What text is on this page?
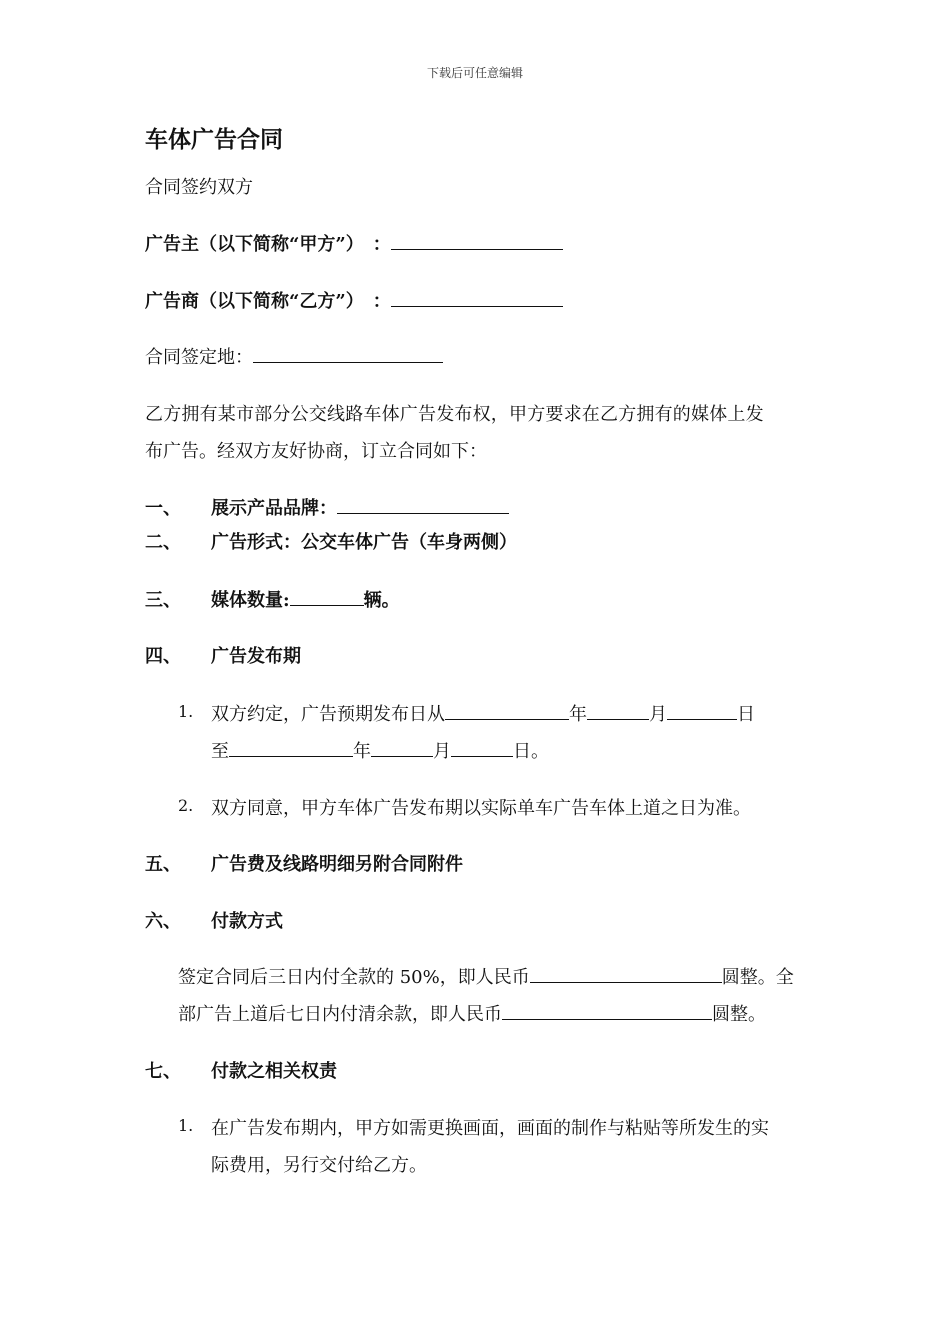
下载后可任意编辑
车体广告合同
合同签约双方
广告主（以下简称“甲方”）　：
广告商（以下简称“乙方”）　：
合同签定地：
乙方拥有某市部分公交线路车体广告发布权，甲方要求在乙方拥有的媒体上发
布广告。经双方友好协商，订立合同如下：
一、 展示产品品牌：
二、 广告形式：公交车体广告（车身两侧）
三、 媒体数量:	辆。
四、 广告发布期
1. 双方约定，广告预期发布日从	年	月	日
至	年	月	日。
2. 双方同意，甲方车体广告发布期以实际单车广告车体上道之日为准。
五、 广告费及线路明细另附合同附件
六、 付款方式
签定合同后三日内付全款的 50%，即人民币	圆整。全
部广告上道后七日内付清余款，即人民币	圆整。
七、 付款之相关权责
1. 在广告发布期内，甲方如需更换画面，画面的制作与粘贴等所发生的实
际费用，另行交付给乙方。
